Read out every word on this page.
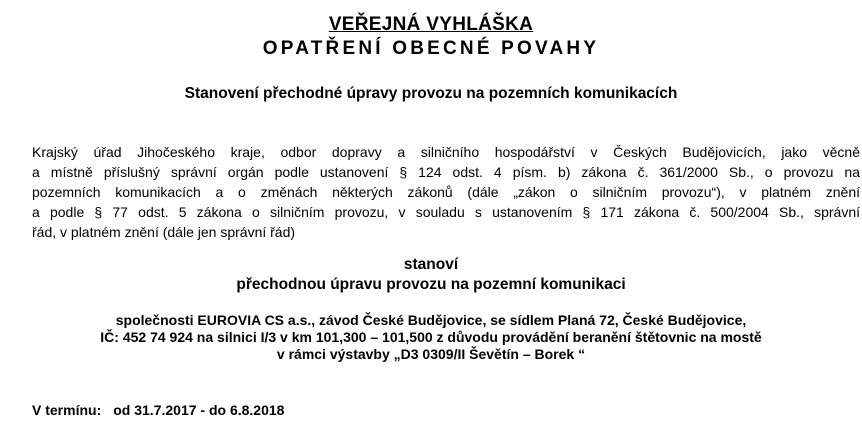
VEŘEJNÁ VYHLÁŠKA
OPATŘENÍ OBECNÉ POVAHY
Stanovení přechodné úpravy provozu na pozemních komunikacích
Krajský úřad Jihočeského kraje, odbor dopravy a silničního hospodářství v Českých Budějovicích, jako věcně
a místně příslušný správní orgán podle ustanovení § 124 odst. 4 písm. b) zákona č. 361/2000 Sb., o provozu na
pozemních komunikacích a o změnách některých zákonů (dále „zákon o silničním provozu“), v platném znění
a podle § 77 odst. 5 zákona o silničním provozu, v souladu s ustanovením § 171 zákona č. 500/2004 Sb., správní
řád, v platném znění (dále jen správní řád)
stanoví
přechodnou úpravu provozu na pozemní komunikaci
společnosti EUROVIA CS a.s., závod České Budějovice, se sídlem Planá 72, České Budějovice,
IČ: 452 74 924 na silnici I/3 v km 101,300 – 101,500 z důvodu provádění beranění štětovnic na mostě
v rámci výstavby „D3 0309/II Ševětín – Borek “
V termínu: od 31.7.2017 - do 6.8.2018
